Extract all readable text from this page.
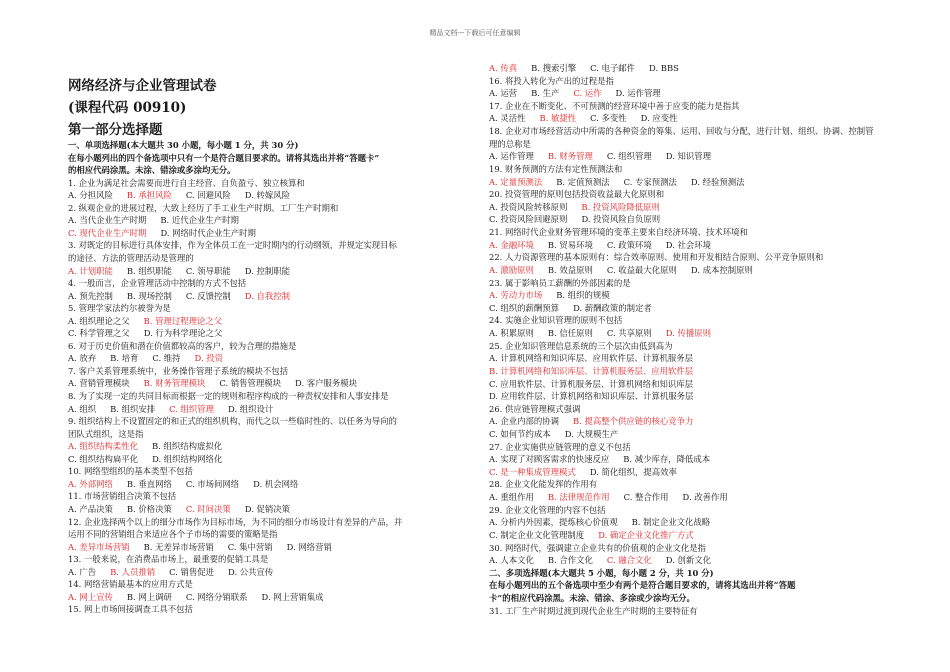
精品文档---下载后可任意编辑
网络经济与企业管理试卷
(课程代码 00910)
第一部分选择题
一、单项选择题(本大题共 30 小题，每小题 1 分，共 30 分)
在每小题列出的四个备选项中只有一个是符合题目要求的。请将其选出并将“答题卡”
的相应代码涂黑。未涂、错涂或多涂均无分。
1. 企业为满足社会需要而进行自主经营、自负盈亏、独立核算和
A. 分担风险 B. 承担风险 C. 回避风险 D. 转嫁风险
2. 纵观企业的进展过程，大致上经历了手工业生产时期、工厂生产时期和
A. 当代企业生产时期 B. 近代企业生产时期
C. 现代企业生产时期 D. 网络时代企业生产时期
3. 对既定的目标进行具体安排，作为全体员工在一定时期内的行动纲领，并规定实现目标
的途径、方法的管理活动是管理的
A. 计划职能 B. 组织职能 C. 领导职能 D. 控制职能
4. 一般而言，企业管理活动中控制的方式不包括
A. 预先控制 B. 现场控制 C. 反馈控制 D. 自我控制
5. 管理学家法约尔被誉为是
A. 组织理论之父 B. 管理过程理论之父
C. 科学管理之父 D. 行为科学理论之父
6. 对于历史价值和潜在价值都较高的客户，较为合理的措施是
A. 放弃 B. 培育 C. 维持 D. 投资
7. 客户关系管理系统中，业务操作管理子系统的模块不包括
A. 营销管理模块 B. 财务管理模块 C. 销售管理模块 D. 客户服务模块
8. 为了实现一定的共同目标而根据一定的规则和程序构成的一种责权安排和人事安排是
A. 组织 B. 组织安排 C. 组织管理 D. 组织设计
9. 组织结构上不设置固定的和正式的组织机构，而代之以一些临时性的、以任务为导向的
团队式组织，这是指
A. 组织结构柔性化 B. 组织结构虚拟化
C. 组织结构扁平化 D. 组织结构网络化
10. 网络型组织的基本类型不包括
A. 外部网络 B. 垂直网络 C. 市场间网络 D. 机会网络
11. 市场营销组合决策不包括
A. 产品决策 B. 价格决策 C. 时间决策 D. 促销决策
12. 企业选择两个以上的细分市场作为目标市场，为不同的细分市场设计有差异的产品，并
运用不同的营销组合来适应各个子市场的需要的策略是指
A. 差异市场营销 B. 无差异市场营销 C. 集中营销 D. 网络营销
13. 一般来说，在消费品市场上，最重要的促销工具是
A. 广告 B. 人员推销 C. 销售促进 D. 公共宣传
14. 网络营销最基本的应用方式是
A. 网上宣传 B. 网上调研 C. 网络分销联系 D. 网上营销集成
15. 网上市场间接调查工具不包括
A. 传真 B. 搜索引擎 C. 电子邮件 D. BBS
16. 将投入转化为产出的过程是指
A. 运营 B. 生产 C. 运作 D. 运作管理
17. 企业在不断变化、不可预测的经营环境中善于应变的能力是指其
A. 灵活性 B. 敏捷性 C. 多变性 D. 应变性
18. 企业对市场经营活动中所需的各种资金的筹集、运用、回收与分配，进行计划、组织、协调、控制管
理的总称是
A. 运作管理 B. 财务管理 C. 组织管理 D. 知识管理
19. 财务预测的方法有定性预测法和
A. 定量预测法 B. 定值预测法 C. 专家预测法 D. 经验预测法
20. 投资管理的原则包括投资收益最大化原则和
A. 投资风险转移原则 B. 投资风险降低原则
C. 投资风险回避原则 D. 投资风险自负原则
21. 网络时代企业财务管理环境的变革主要来自经济环境、技术环境和
A. 金融环境 B. 贸易环境 C. 政策环境 D. 社会环境
22. 人力资源管理的基本原则有：综合效率原则、使用和开发相结合原则、公平竞争原则和
A. 激励原则 B. 效益原则 C. 收益最大化原则 D. 成本控制原则
23. 属于影响员工薪酬的外部因素的是
A. 劳动力市场 B. 组织的规模
C. 组织的薪酬预算 D. 薪酬政策的制定者
24. 实施企业知识管理的原则不包括
A. 积累原则 B. 信任原则 C. 共享原则 D. 传播原则
25. 企业知识管理信息系统的三个层次由低到高为
A. 计算机网络和知识库层、应用软件层、计算机服务层
B. 计算机网络和知识库层、计算机服务层、应用软件层
C. 应用软件层、计算机服务层、计算机网络和知识库层
D. 应用软件层、计算机网络和知识库层、计算机服务层
26. 供应链管理模式强调
A. 企业内部的协调 B. 提高整个供应链的核心竞争力
C. 如何节约成本 D. 大规模生产
27. 企业实施供应链管理的意义不包括
A. 实现了对顾客需求的快速反应 B. 减少库存，降低成本
C. 是一种集成管理模式 D. 简化组织，提高效率
28. 企业文化能发挥的作用有
A. 重组作用 B. 法律规范作用 C. 整合作用 D. 改善作用
29. 企业文化管理的内容不包括
A. 分析内外因素，提炼核心价值观 B. 制定企业文化战略
C. 制定企业文化管理制度 D. 确定企业文化推广方式
30. 网络时代，强调建立企业共有的价值观的企业文化是指
A. 人本文化 B. 合作文化 C. 融合文化 D. 创新文化
二、多项选择题(本大题共 5 小题，每小题 2 分，共 10 分)
在每小题列出的五个备选项中至少有两个是符合题目要求的，请将其选出并将“答题
卡”的相应代码涂黑。未涂、错涂、多涂或少涂均无分。
31. 工厂生产时期过渡到现代企业生产时期的主要特征有
